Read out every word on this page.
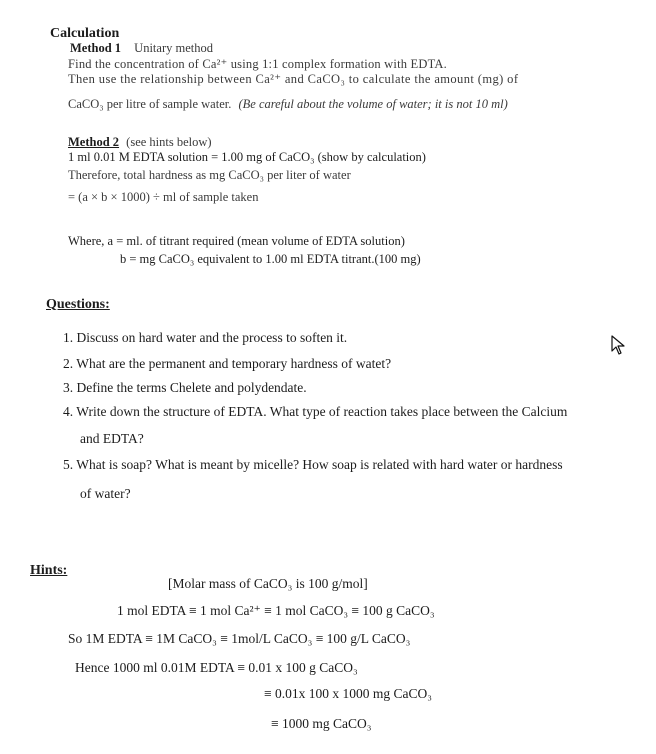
Calculation
Method 1 Unitary method
Find the concentration of Ca²⁺ using 1:1 complex formation with EDTA.
Then use the relationship between Ca²⁺ and CaCO₃ to calculate the amount (mg) of
CaCO₃ per litre of sample water. (Be careful about the volume of water; it is not 10 ml)
Method 2 (see hints below)
1 ml 0.01 M EDTA solution = 1.00 mg of CaCO₃ (show by calculation)
Therefore, total hardness as mg CaCO₃ per liter of water
= (a × b × 1000) ÷ ml of sample taken
Where, a = ml. of titrant required (mean volume of EDTA solution)
b = mg CaCO₃ equivalent to 1.00 ml EDTA titrant.(100 mg)
Questions:
1. Discuss on hard water and the process to soften it.
2. What are the permanent and temporary hardness of watet?
3. Define the terms Chelete and polydendate.
4. Write down the structure of EDTA. What type of reaction takes place between the Calcium
and EDTA?
5. What is soap? What is meant by micelle? How soap is related with hard water or hardness
of water?
Hints:
[Molar mass of CaCO₃ is 100 g/mol]
1 mol EDTA ≡ 1 mol Ca²⁺ ≡ 1 mol CaCO₃ ≡ 100 g CaCO₃
So 1M EDTA ≡ 1M CaCO₃ ≡ 1mol/L CaCO₃ ≡ 100 g/L CaCO₃
Hence 1000 ml 0.01M EDTA ≡ 0.01 x 100 g CaCO₃
≡ 0.01x 100 x 1000 mg CaCO₃
≡ 1000 mg CaCO₃
